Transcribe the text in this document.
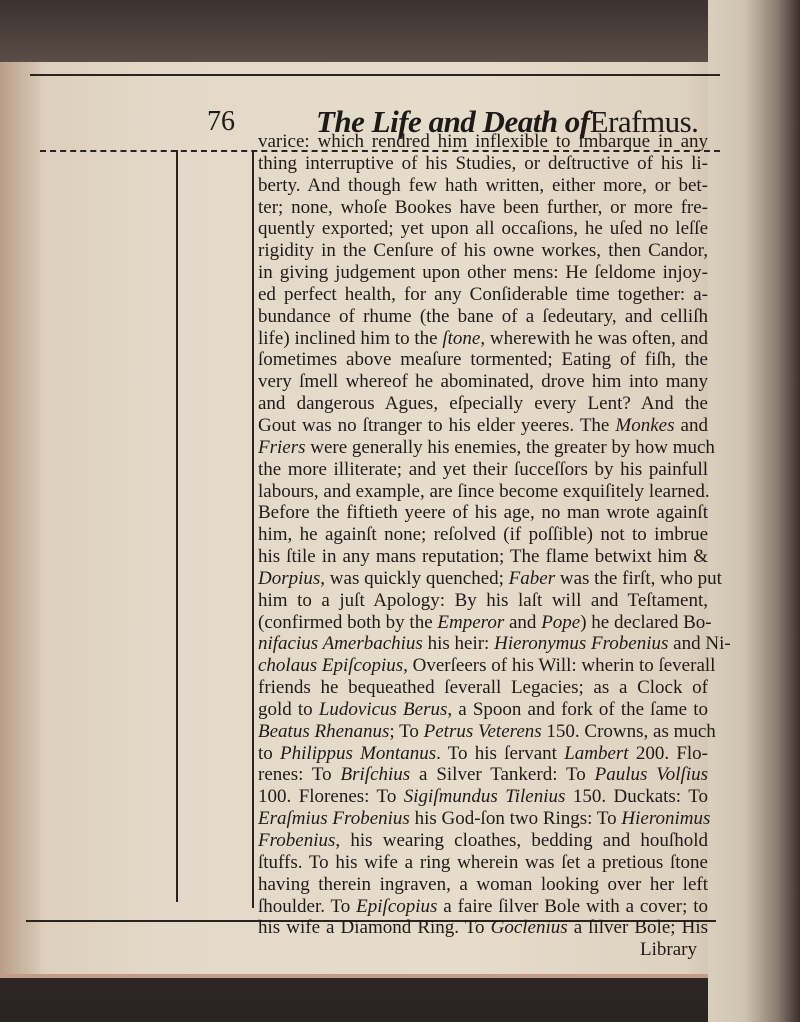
76	The Life and Death ofErafmus.
varice: which rendred him inflexible to imbarque in any
thing interruptive of his Studies, or deſtructive of his li-
berty. And though few hath written, either more, or bet-
ter; none, whoſe Bookes have been further, or more fre-
quently exported; yet upon all occaſions, he uſed no leſſe
rigidity in the Cenſure of his owne workes, then Candor,
in giving judgement upon other mens: He ſeldome injoy-
ed perfect health, for any Conſiderable time together: a-
bundance of rhume (the bane of a ſedeutary, and celliſh
life) inclined him to the ſtone, wherewith he was often, and
ſometimes above meaſure tormented; Eating of fiſh, the
very ſmell whereof he abominated, drove him into many
and dangerous Agues, eſpecially every Lent? And the
Gout was no ſtranger to his elder yeeres. The Monkes and
Friers were generally his enemies, the greater by how much
the more illiterate; and yet their ſucceſſors by his painfull
labours, and example, are ſince become exquiſitely learned.
Before the fiftieth yeere of his age, no man wrote againſt
him, he againſt none; reſolved (if poſſible) not to imbrue
his ſtile in any mans reputation; The flame betwixt him &
Dorpius, was quickly quenched; Faber was the firſt, who put
him to a juſt Apology: By his laſt will and Teſtament,
(confirmed both by the Emperor and Pope) he declared Bo-
nifacius Amerbachius his heir: Hieronymus Frobenius and Ni-
cholaus Epiſcopius, Overſeers of his Will: wherin to ſeverall
friends he bequeathed ſeverall Legacies; as a Clock of
gold to Ludovicus Berus, a Spoon and fork of the ſame to
Beatus Rhenanus; To Petrus Veterens 150. Crowns, as much
to Philippus Montanus. To his ſervant Lambert 200. Flo-
renes: To Briſchius a Silver Tankerd: To Paulus Volſius
100. Florenes: To Sigiſmundus Tilenius 150. Duckats: To
Eraſmius Frobenius his God-ſon two Rings: To Hieronimus
Frobenius, his wearing cloathes, bedding and houſhold
ſtuffs. To his wife a ring wherein was ſet a pretious ſtone
having therein ingraven, a woman looking over her left
ſhoulder. To Epiſcopius a faire ſilver Bole with a cover; to
his wife a Diamond Ring. To Goclenius a ſilver Bole; His
Library
